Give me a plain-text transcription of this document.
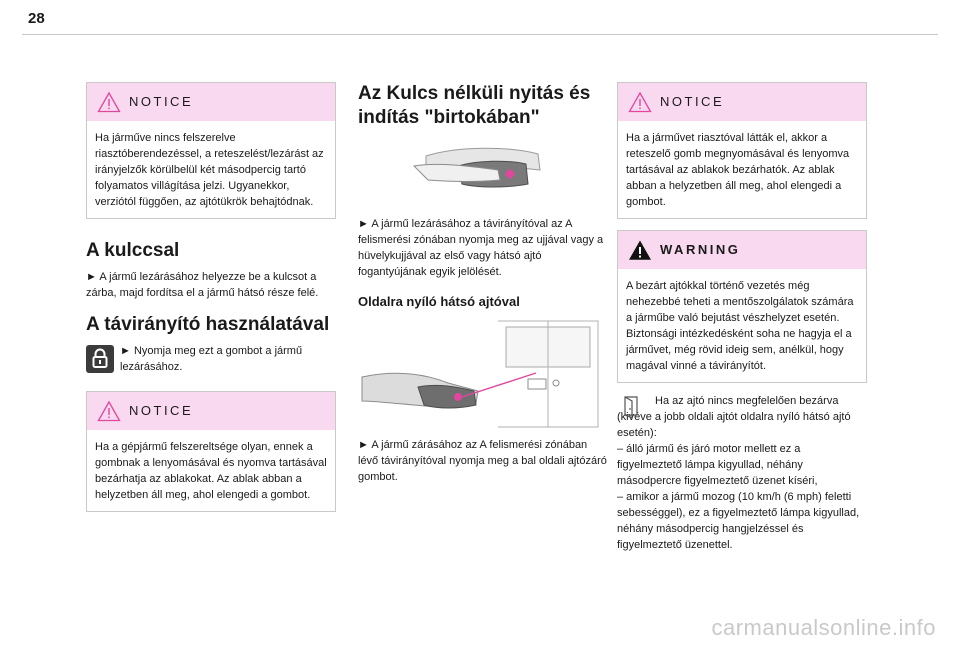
28
NOTICE
Ha járműve nincs felszerelve riasztóberendezéssel, a reteszelést/lezárást az irányjelzők körülbelül két másodpercig tartó folyamatos villágítása jelzi. Ugyanekkor, verziótól függően, az ajtótükrök behajtódnak.
A kulccsal

► A jármű lezárásához helyezze be a kulcsot a zárba, majd fordítsa el a jármű hátsó része felé.

A távirányító használatával

► Nyomja meg ezt a gombot a jármű lezárásához.

NOTICE
Ha a gépjármű felszereltsége olyan, ennek a gombnak a lenyomásával és nyomva tartásával bezárhatja az ablakokat. Az ablak abban a helyzetben áll meg, ahol elengedi a gombot.
Az Kulcs nélküli nyitás és indítás "birtokában"

► A jármű lezárásához a távirányítóval az A felismerési zónában nyomja meg az ujjával vagy a hüvelykujjával az első vagy hátsó ajtó fogantyújának egyik jelölését.

Oldalra nyíló hátsó ajtóval

► A jármű zárásához az A felismerési zónában lévő távirányítóval nyomja meg a bal oldali ajtózáró gombot.

NOTICE
Ha a járművet riasztóval látták el, akkor a reteszelő gomb megnyomásával és lenyomva tartásával az ablakok bezárhatók. Az ablak abban a helyzetben áll meg, ahol elengedi a gombot.
WARNING
A bezárt ajtókkal történő vezetés még nehezebbé teheti a mentőszolgálatok számára a járműbe való bejutást vészhelyzet esetén.
Biztonsági intézkedésként soha ne hagyja el a járművet, még rövid ideig sem, anélkül, hogy magával vinné a távirányítót.

Ha az ajtó nincs megfelelően bezárva (kivéve a jobb oldali ajtót oldalra nyíló hátsó ajtó esetén):

– álló jármű és járó motor mellett ez a figyelmeztető lámpa kigyullad, néhány másodpercre figyelmeztető üzenet kíséri,

– amikor a jármű mozog (10 km/h (6 mph) feletti sebességgel), ez a figyelmeztető lámpa kigyullad, néhány másodpercig hangjelzéssel és figyelmeztető üzenettel.

carmanualsonline.info
